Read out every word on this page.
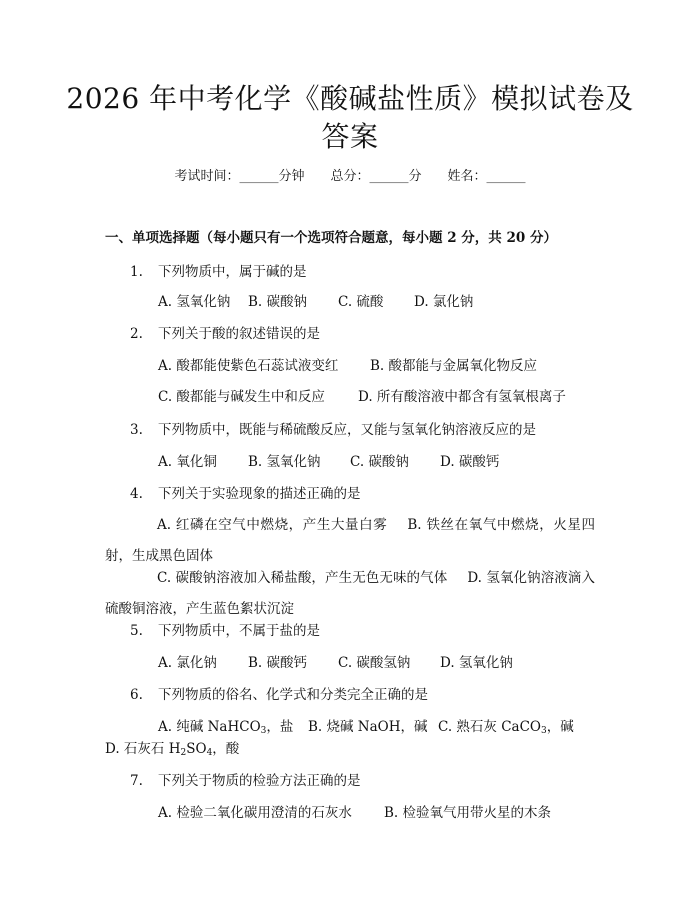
2026 年中考化学《酸碱盐性质》模拟试卷及答案
考试时间：______分钟 总分：______分 姓名：______
一、单项选择题（每小题只有一个选项符合题意，每小题 2 分，共 20 分）
1. 下列物质中，属于碱的是
A. 氢氧化钠 B. 碳酸钠 C. 硫酸 D. 氯化钠
2. 下列关于酸的叙述错误的是
A. 酸都能使紫色石蕊试液变红 B. 酸都能与金属氧化物反应
C. 酸都能与碱发生中和反应 D. 所有酸溶液中都含有氢氧根离子
3. 下列物质中，既能与稀硫酸反应，又能与氢氧化钠溶液反应的是
A. 氧化铜 B. 氢氧化钠 C. 碳酸钠 D. 碳酸钙
4. 下列关于实验现象的描述正确的是
A. 红磷在空气中燃烧，产生大量白雾 B. 铁丝在氧气中燃烧，火星四射，生成黑色固体
C. 碳酸钠溶液加入稀盐酸，产生无色无味的气体 D. 氢氧化钠溶液滴入硫酸铜溶液，产生蓝色絮状沉淀
5. 下列物质中，不属于盐的是
A. 氯化钠 B. 碳酸钙 C. 碳酸氢钠 D. 氢氧化钠
6. 下列物质的俗名、化学式和分类完全正确的是
A. 纯碱 NaHCO$_3$，盐 B. 烧碱 NaOH，碱 C. 熟石灰 CaCO$_3$，碱
D. 石灰石 $H_2SO_4$，酸
7. 下列关于物质的检验方法正确的是
A. 检验二氧化碳用澄清的石灰水 B. 检验氧气用带火星的木条
